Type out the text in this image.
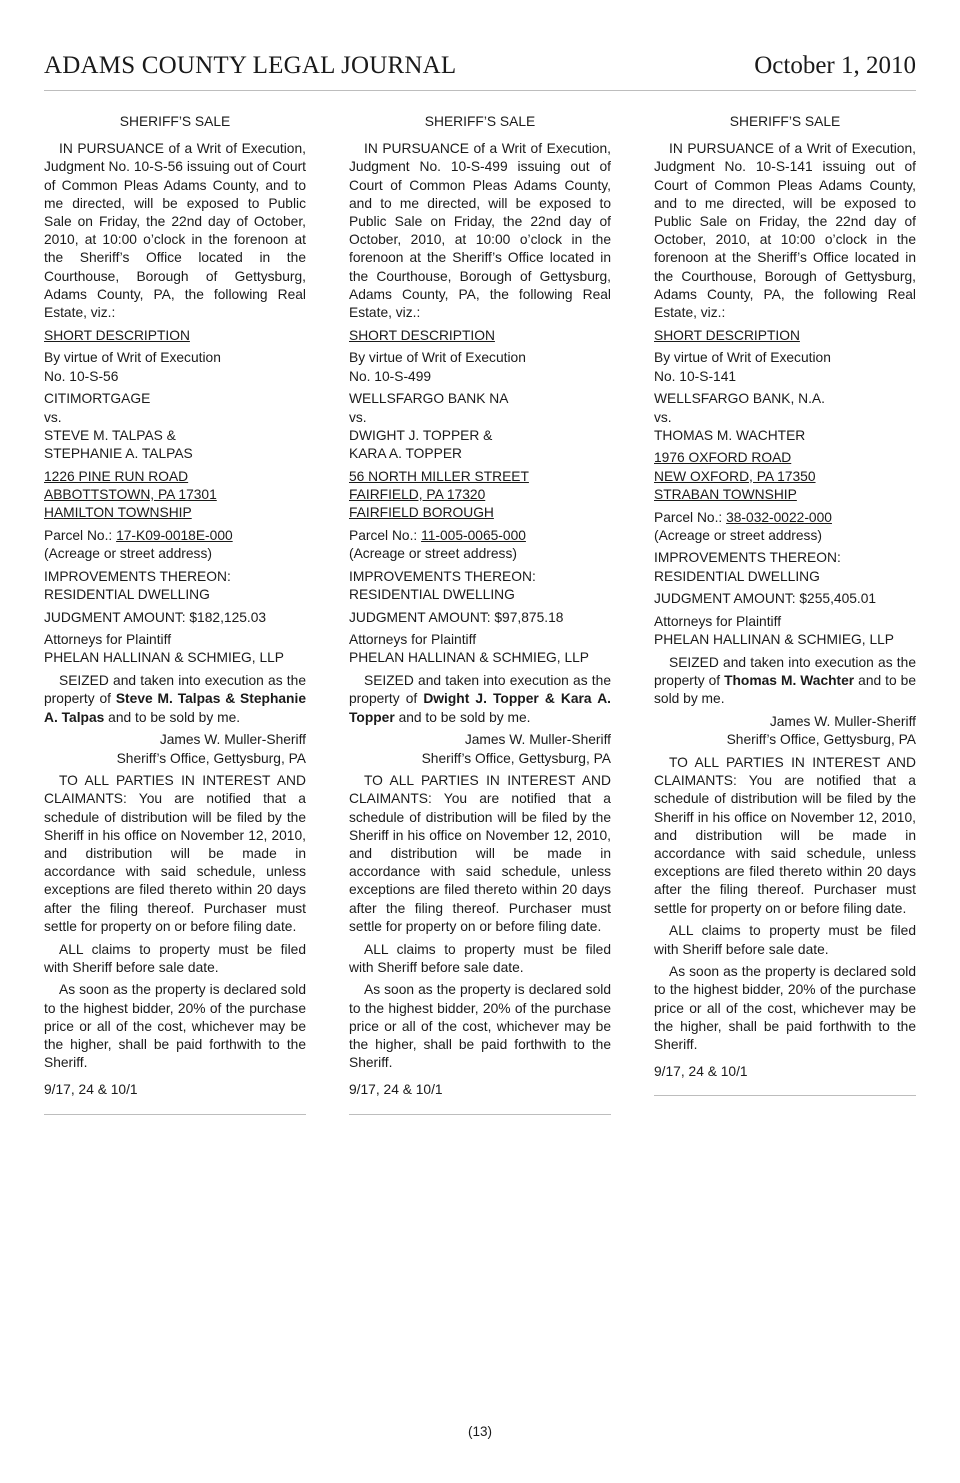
ADAMS COUNTY LEGAL JOURNAL	October 1, 2010

SHERIFF’S SALE

IN PURSUANCE of a Writ of Execution, Judgment No. 10-S-56 issuing out of Court of Common Pleas Adams County, and to me directed, will be exposed to Public Sale on Friday, the 22nd day of October, 2010, at 10:00 o’clock in the forenoon at the Sheriff’s Office located in the Courthouse, Borough of Gettysburg, Adams County, PA, the following Real Estate, viz.:

SHORT DESCRIPTION

By virtue of Writ of Execution
No. 10-S-56

CITIMORTGAGE
vs.
STEVE M. TALPAS &
STEPHANIE A. TALPAS

1226 PINE RUN ROAD
ABBOTTSTOWN, PA 17301
HAMILTON TOWNSHIP

Parcel No.: 17-K09-0018E-000
(Acreage or street address)

IMPROVEMENTS THEREON:
RESIDENTIAL DWELLING

JUDGMENT AMOUNT: $182,125.03

Attorneys for Plaintiff
PHELAN HALLINAN & SCHMIEG, LLP

SEIZED and taken into execution as the property of Steve M. Talpas & Stephanie A. Talpas and to be sold by me.

James W. Muller-Sheriff
Sheriff’s Office, Gettysburg, PA

TO ALL PARTIES IN INTEREST AND CLAIMANTS: You are notified that a schedule of distribution will be filed by the Sheriff in his office on November 12, 2010, and distribution will be made in accordance with said schedule, unless exceptions are filed thereto within 20 days after the filing thereof. Purchaser must settle for property on or before filing date.

ALL claims to property must be filed with Sheriff before sale date.

As soon as the property is declared sold to the highest bidder, 20% of the purchase price or all of the cost, whichever may be the higher, shall be paid forthwith to the Sheriff.

9/17, 24 & 10/1

SHERIFF’S SALE

IN PURSUANCE of a Writ of Execution, Judgment No. 10-S-499 issuing out of Court of Common Pleas Adams County, and to me directed, will be exposed to Public Sale on Friday, the 22nd day of October, 2010, at 10:00 o’clock in the forenoon at the Sheriff’s Office located in the Courthouse, Borough of Gettysburg, Adams County, PA, the following Real Estate, viz.:

SHORT DESCRIPTION

By virtue of Writ of Execution
No. 10-S-499

WELLSFARGO BANK NA
vs.
DWIGHT J. TOPPER &
KARA A. TOPPER

56 NORTH MILLER STREET
FAIRFIELD, PA 17320
FAIRFIELD BOROUGH

Parcel No.: 11-005-0065-000
(Acreage or street address)

IMPROVEMENTS THEREON:
RESIDENTIAL DWELLING

JUDGMENT AMOUNT: $97,875.18

Attorneys for Plaintiff
PHELAN HALLINAN & SCHMIEG, LLP

SEIZED and taken into execution as the property of Dwight J. Topper & Kara A. Topper and to be sold by me.

James W. Muller-Sheriff
Sheriff’s Office, Gettysburg, PA

TO ALL PARTIES IN INTEREST AND CLAIMANTS: You are notified that a schedule of distribution will be filed by the Sheriff in his office on November 12, 2010, and distribution will be made in accordance with said schedule, unless exceptions are filed thereto within 20 days after the filing thereof. Purchaser must settle for property on or before filing date.

ALL claims to property must be filed with Sheriff before sale date.

As soon as the property is declared sold to the highest bidder, 20% of the purchase price or all of the cost, whichever may be the higher, shall be paid forthwith to the Sheriff.

9/17, 24 & 10/1

SHERIFF’S SALE

IN PURSUANCE of a Writ of Execution, Judgment No. 10-S-141 issuing out of Court of Common Pleas Adams County, and to me directed, will be exposed to Public Sale on Friday, the 22nd day of October, 2010, at 10:00 o’clock in the forenoon at the Sheriff’s Office located in the Courthouse, Borough of Gettysburg, Adams County, PA, the following Real Estate, viz.:

SHORT DESCRIPTION

By virtue of Writ of Execution
No. 10-S-141

WELLSFARGO BANK, N.A.
vs.
THOMAS M. WACHTER

1976 OXFORD ROAD
NEW OXFORD, PA 17350
STRABAN TOWNSHIP

Parcel No.: 38-032-0022-000
(Acreage or street address)

IMPROVEMENTS THEREON:
RESIDENTIAL DWELLING

JUDGMENT AMOUNT: $255,405.01

Attorneys for Plaintiff
PHELAN HALLINAN & SCHMIEG, LLP

SEIZED and taken into execution as the property of Thomas M. Wachter and to be sold by me.

James W. Muller-Sheriff
Sheriff’s Office, Gettysburg, PA

TO ALL PARTIES IN INTEREST AND CLAIMANTS: You are notified that a schedule of distribution will be filed by the Sheriff in his office on November 12, 2010, and distribution will be made in accordance with said schedule, unless exceptions are filed thereto within 20 days after the filing thereof. Purchaser must settle for property on or before filing date.

ALL claims to property must be filed with Sheriff before sale date.

As soon as the property is declared sold to the highest bidder, 20% of the purchase price or all of the cost, whichever may be the higher, shall be paid forthwith to the Sheriff.

9/17, 24 & 10/1

(13)
